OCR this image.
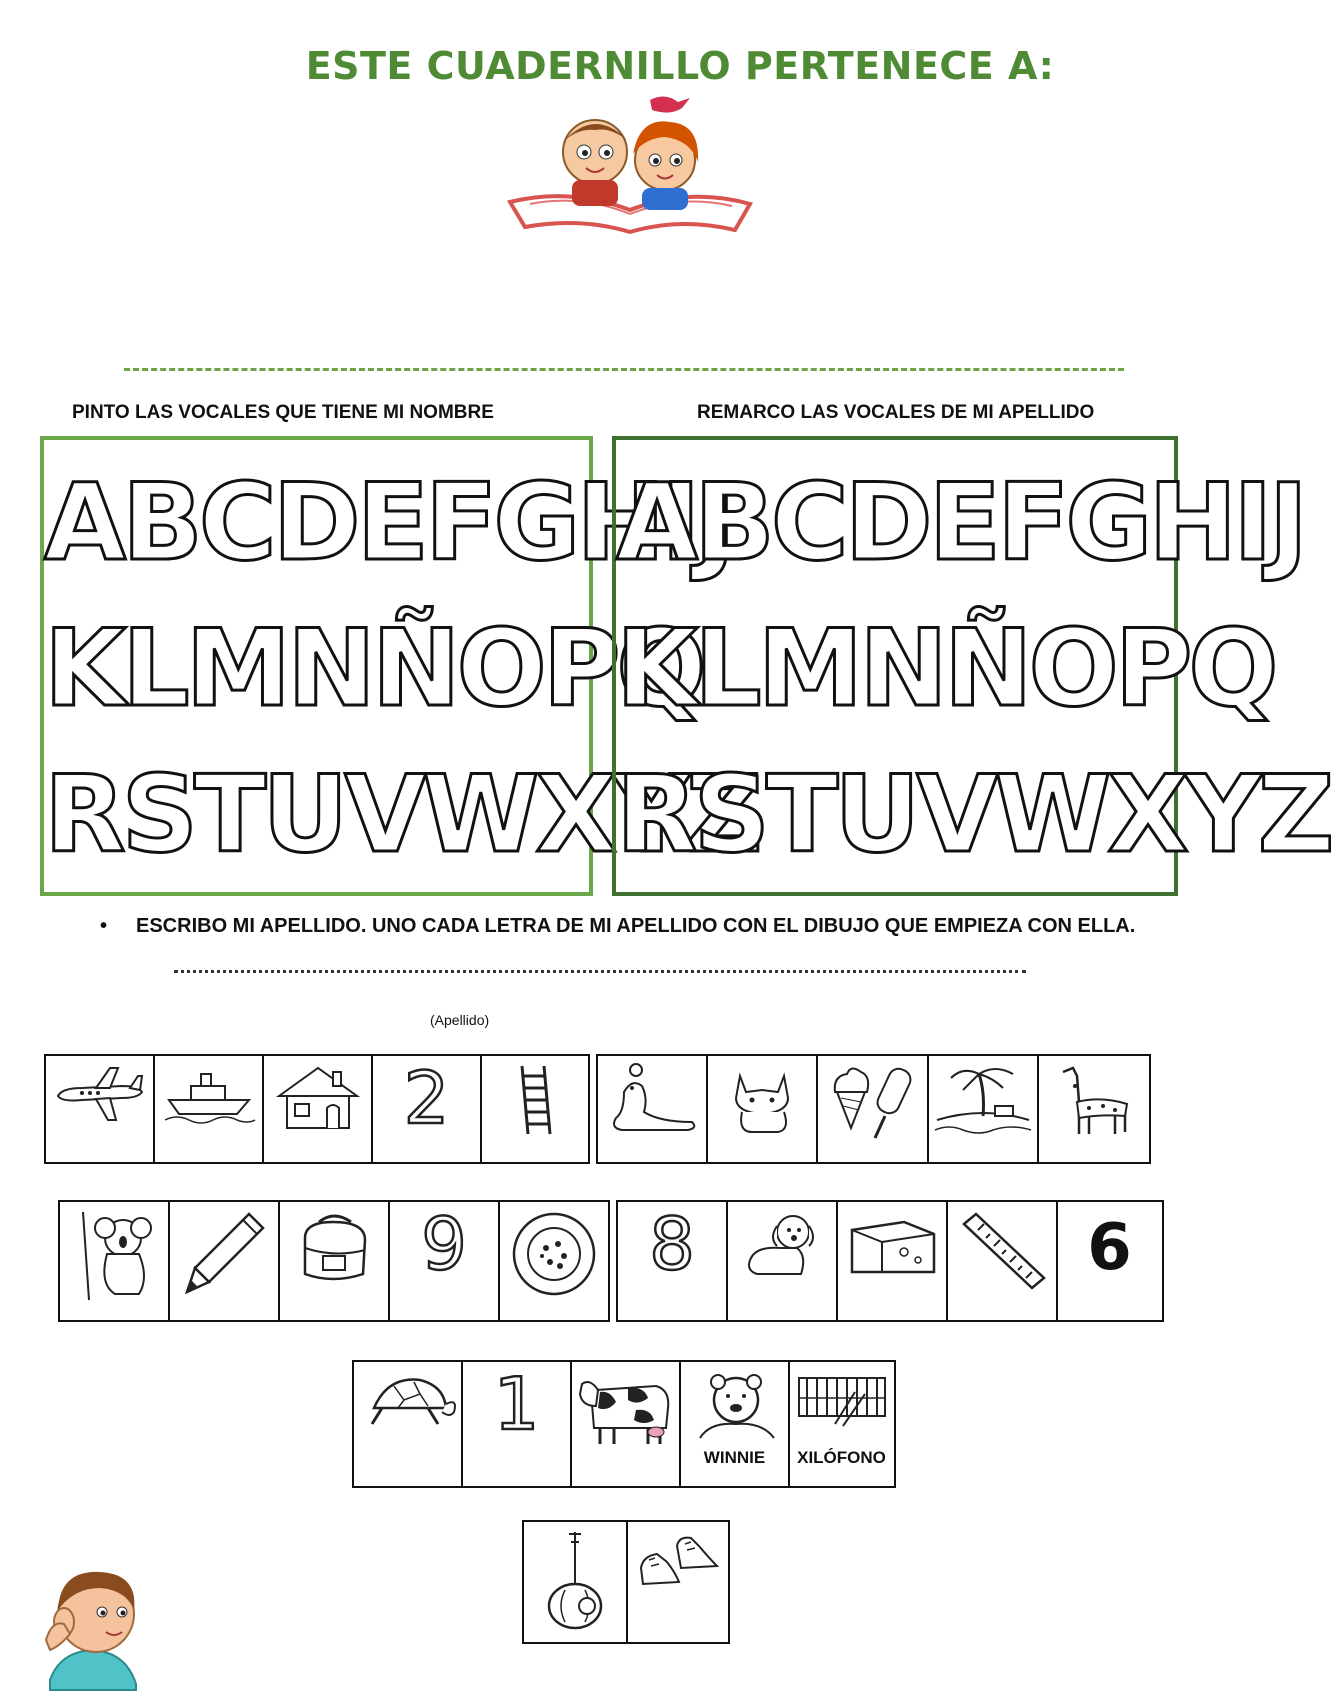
ESTE CUADERNILLO PERTENECE A:
PINTO LAS VOCALES QUE TIENE MI NOMBRE	REMARCO LAS VOCALES DE MI APELLIDO
ABCDEFGHIJ
KLMNÑOPQ
RSTUVWXYZ
ABCDEFGHIJ
KLMNÑOPQ
RSTUVWXYZ
• ESCRIBO MI APELLIDO. UNO CADA LETRA DE MI APELLIDO CON EL DIBUJO QUE EMPIEZA CON ELLA.
(Apellido)
2
9	8	6
1
WINNIE	XILÓFONO
